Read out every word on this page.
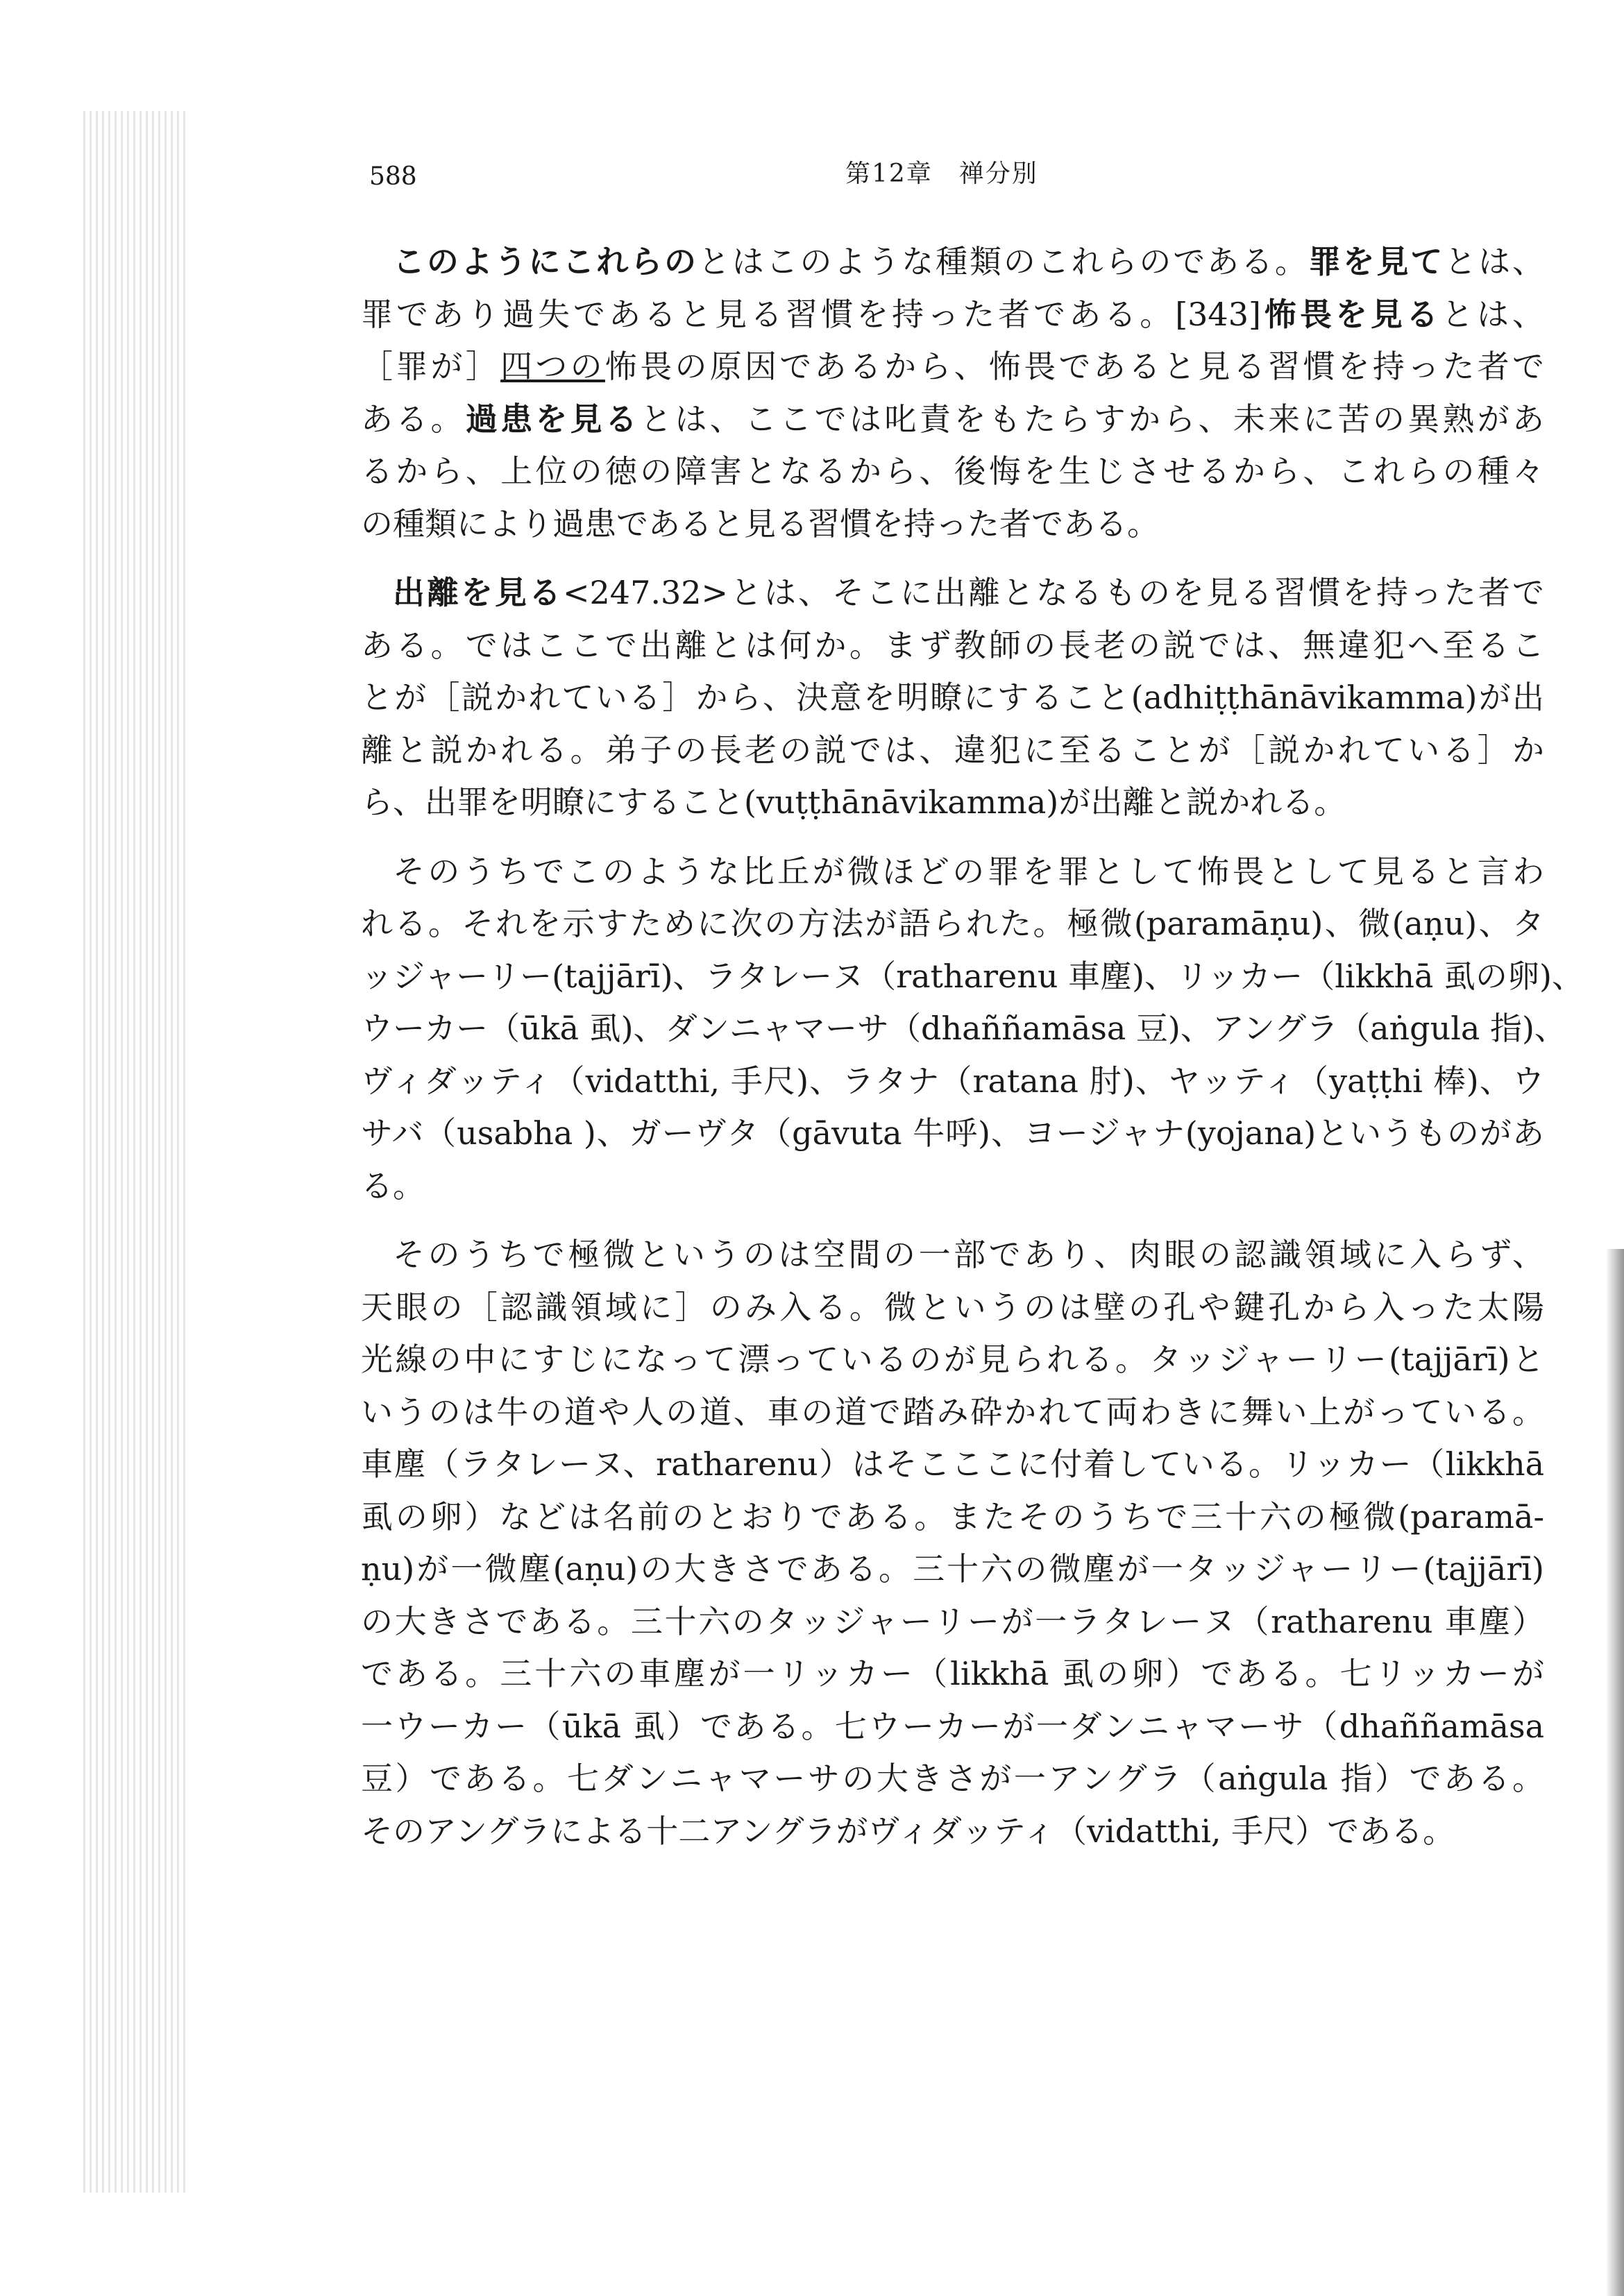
588	第12章　禅分別
このようにこれらのとはこのような種類のこれらのである。罪を見てとは、
罪であり過失であると見る習慣を持った者である。[343]怖畏を見るとは、
［罪が］四つの怖畏の原因であるから、怖畏であると見る習慣を持った者で
ある。過患を見るとは、ここでは叱責をもたらすから、未来に苦の異熟があ
るから、上位の徳の障害となるから、後悔を生じさせるから、これらの種々
の種類により過患であると見る習慣を持った者である。
出離を見る<247.32>とは、そこに出離となるものを見る習慣を持った者で
ある。ではここで出離とは何か。まず教師の長老の説では、無違犯へ至るこ
とが［説かれている］から、決意を明瞭にすること(adhiṭṭhānāvikamma)が出
離と説かれる。弟子の長老の説では、違犯に至ることが［説かれている］か
ら、出罪を明瞭にすること(vuṭṭhānāvikamma)が出離と説かれる。
そのうちでこのような比丘が微ほどの罪を罪として怖畏として見ると言わ
れる。それを示すために次の方法が語られた。極微(paramāṇu)、微(aṇu)、タ
ッジャーリー(tajjārī)、ラタレーヌ（ratharenu 車塵)、リッカー（likkhā 虱の卵)、
ウーカー（ūkā 虱)、ダンニャマーサ（dhaññamāsa 豆)、アングラ（aṅgula 指)、
ヴィダッティ（vidatthi, 手尺)、ラタナ（ratana 肘)、ヤッティ（yaṭṭhi 棒)、ウ
サバ（usabha )、ガーヴタ（gāvuta 牛呼)、ヨージャナ(yojana)というものがあ
る。
そのうちで極微というのは空間の一部であり、肉眼の認識領域に入らず、
天眼の［認識領域に］のみ入る。微というのは壁の孔や鍵孔から入った太陽
光線の中にすじになって漂っているのが見られる。タッジャーリー(tajjārī)と
いうのは牛の道や人の道、車の道で踏み砕かれて両わきに舞い上がっている。
車塵（ラタレーヌ、ratharenu）はそこここに付着している。リッカー（likkhā
虱の卵）などは名前のとおりである。またそのうちで三十六の極微(paramā-
ṇu)が一微塵(aṇu)の大きさである。三十六の微塵が一タッジャーリー(tajjārī)
の大きさである。三十六のタッジャーリーが一ラタレーヌ（ratharenu 車塵）
である。三十六の車塵が一リッカー（likkhā 虱の卵）である。七リッカーが
一ウーカー（ūkā 虱）である。七ウーカーが一ダンニャマーサ（dhaññamāsa
豆）である。七ダンニャマーサの大きさが一アングラ（aṅgula 指）である。
そのアングラによる十二アングラがヴィダッティ（vidatthi, 手尺）である。
